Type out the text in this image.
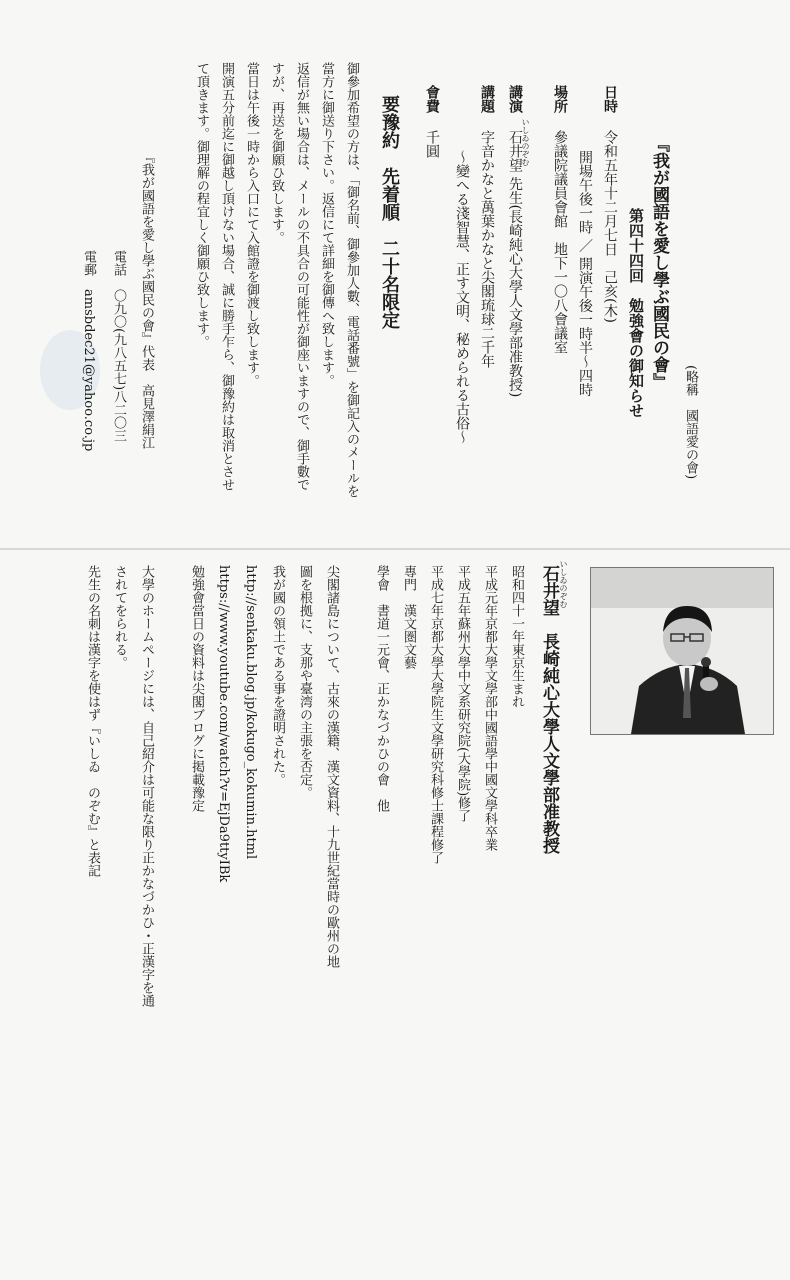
『我が國語を愛し學ぶ國民の會』
(略稱　國語愛の會)
第四十四回　勉強會の御知らせ
日時
令和五年十二月七日　己亥(木)
開場午後一時 ／ 開演午後一時半～四時
場所
參議院議員會館　地下一〇八會議室
講演
石井望 先生(長崎純心大學人文學部准教授)
いしゐのぞむ
講題
字音かなと萬葉かなと尖閣琉球二千年
～變へる淺智慧、正す文明、秘められる古俗～
會費
千圓
要豫約　先着順　二十名限定
御參加希望の方は、「御名前、御參加人數、電話番號」を御記入のメールを
當方に御送り下さい。返信にて詳細を御傳へ致します。
返信が無い場合は、メールの不具合の可能性が御座いますので、御手數で
すが、再送を御願ひ致します。
當日は午後一時から入口にて入館證を御渡し致します。
開演五分前迄に御越し頂けない場合、誠に勝手乍ら、御豫約は取消とさせ
て頂きます。御理解の程宜しく御願ひ致します。
『我が國語を愛し學ぶ國民の會』代表　高見澤絹江
電話　〇九〇(九八五七)八二〇三
電郵　amsbdec21@yahoo.co.jp
石井望　長崎純心大學人文學部准教授 いしゐのぞむ
昭和四十一年東京生まれ
平成元年京都大學文學部中國語學中國文學科卒業
平成五年蘇州大學中文系研究院(大學院)修了
平成七年京都大學大學院生文學研究科修士課程修了
專門　漢文圏文藝
學會　書道一元會、正かなづかひの會　他
尖閣諸島について、古來の漢籍、漢文資料、十九世紀當時の歐州の地
圖を根拠に、支那や臺湾の主張を否定。
我が國の領土である事を證明された。
http://senkaku.blog.jp/kokugo_kokumin.html
https://www.youtube.com/watch?v=EjDa9ttyIBk
勉強會當日の資料は尖閣ブログに掲載豫定
大學のホームページには、自己紹介は可能な限り正かなづかひ・正漢字を通
されてをられる。
先生の名刺は漢字を使はず『いしゐ　のぞむ』と表記
